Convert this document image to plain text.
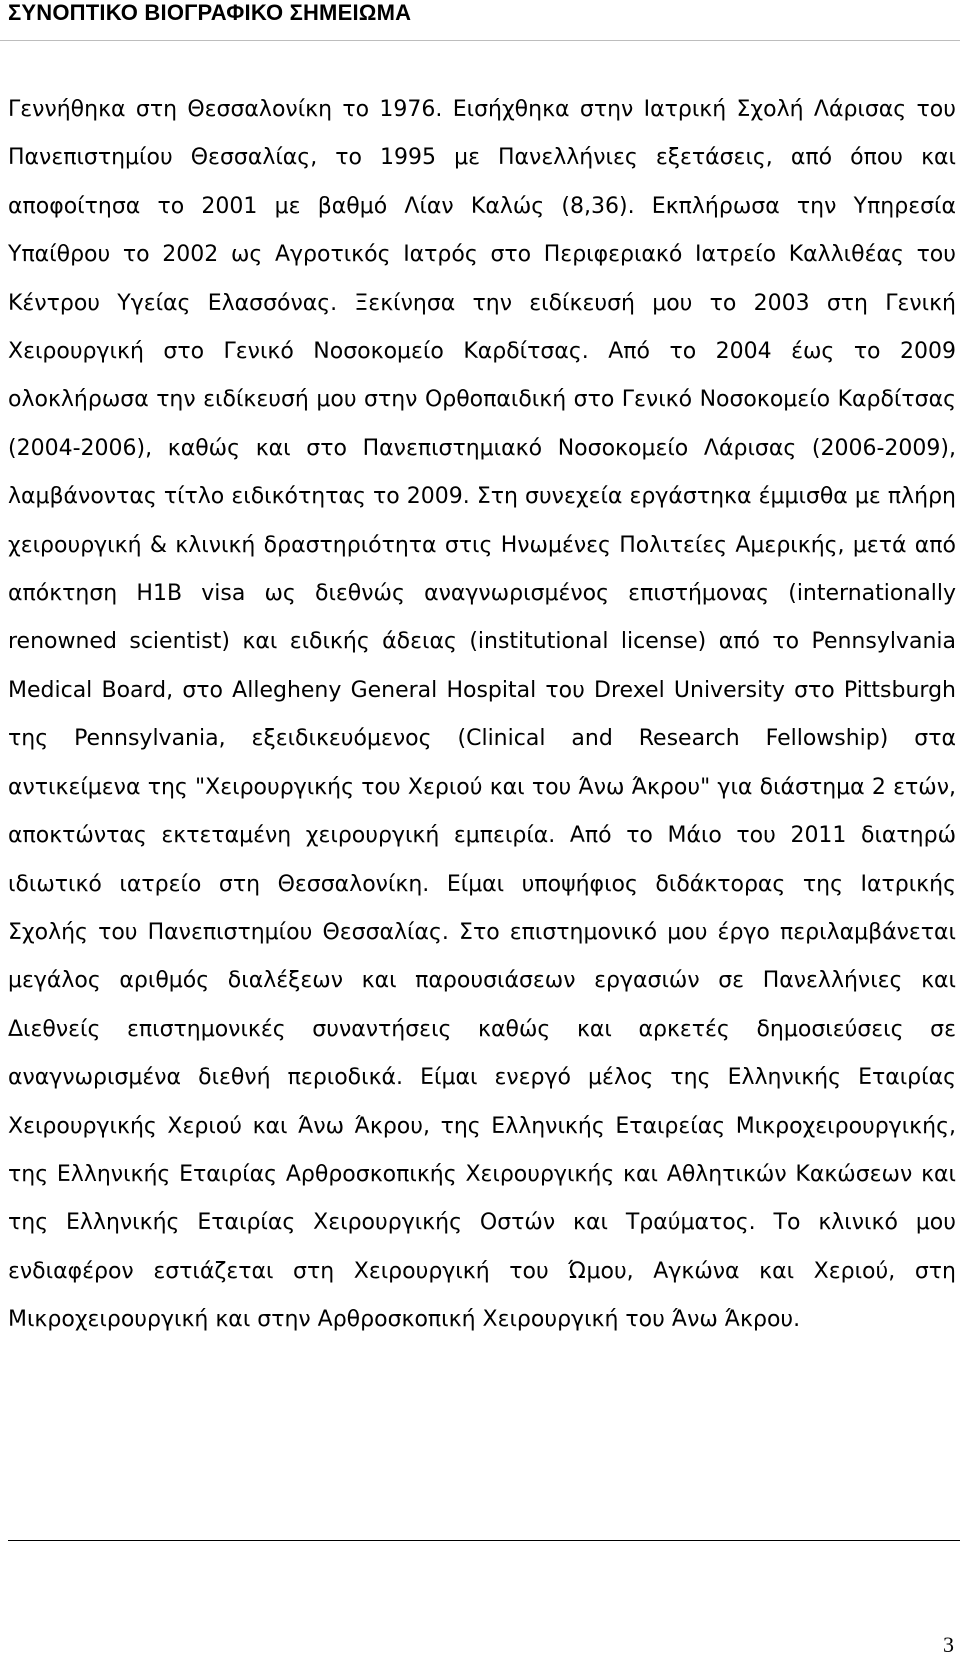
ΣΥΝΟΠΤΙΚΟ ΒΙΟΓΡΑΦΙΚΟ ΣΗΜΕΙΩΜΑ

Γεννήθηκα στη Θεσσαλονίκη το 1976. Εισήχθηκα στην Ιατρική Σχολή Λάρισας του Πανεπιστημίου Θεσσαλίας, το 1995 με Πανελλήνιες εξετάσεις, από όπου και αποφοίτησα το 2001 με βαθμό Λίαν Καλώς (8,36). Εκπλήρωσα την Υπηρεσία Υπαίθρου το 2002 ως Αγροτικός Ιατρός στο Περιφεριακό Ιατρείο Καλλιθέας του Κέντρου Υγείας Ελασσόνας. Ξεκίνησα την ειδίκευσή μου το 2003 στη Γενική Χειρουργική στο Γενικό Νοσοκομείο Καρδίτσας. Από το 2004 έως το 2009 ολοκλήρωσα την ειδίκευσή μου στην Ορθοπαιδική στο Γενικό Νοσοκομείο Καρδίτσας (2004-2006), καθώς και στο Πανεπιστημιακό Νοσοκομείο Λάρισας (2006-2009), λαμβάνοντας τίτλο ειδικότητας το 2009. Στη συνεχεία εργάστηκα έμμισθα με πλήρη χειρουργική & κλινική δραστηριότητα στις Ηνωμένες Πολιτείες Αμερικής, μετά από απόκτηση H1B visa ως διεθνώς αναγνωρισμένος επιστήμονας (internationally renowned scientist) και ειδικής άδειας (institutional license) από το Pennsylvania Medical Board, στο Allegheny General Hospital του Drexel University στο Pittsburgh της Pennsylvania, εξειδικευόμενος (Clinical and Research Fellowship) στα αντικείμενα της "Χειρουργικής του Χεριού και του Άνω Άκρου" για διάστημα 2 ετών, αποκτώντας εκτεταμένη χειρουργική εμπειρία. Από το Μάιο του 2011 διατηρώ ιδιωτικό ιατρείο στη Θεσσαλονίκη. Είμαι υποψήφιος διδάκτορας της Ιατρικής Σχολής του Πανεπιστημίου Θεσσαλίας. Στο επιστημονικό μου έργο περιλαμβάνεται μεγάλος αριθμός διαλέξεων και παρουσιάσεων εργασιών σε Πανελλήνιες και Διεθνείς επιστημονικές συναντήσεις καθώς και αρκετές δημοσιεύσεις σε αναγνωρισμένα διεθνή περιοδικά. Είμαι ενεργό μέλος της Ελληνικής Εταιρίας Χειρουργικής Χεριού και Άνω Άκρου, της Ελληνικής Εταιρείας Μικροχειρουργικής, της Ελληνικής Εταιρίας Αρθροσκοπικής Χειρουργικής και Αθλητικών Κακώσεων και της Ελληνικής Εταιρίας Χειρουργικής Οστών και Τραύματος. Το κλινικό μου ενδιαφέρον εστιάζεται στη Χειρουργική του Ώμου, Αγκώνα και Χεριού, στη Μικροχειρουργική και στην Αρθροσκοπική Χειρουργική του Άνω Άκρου.

3
